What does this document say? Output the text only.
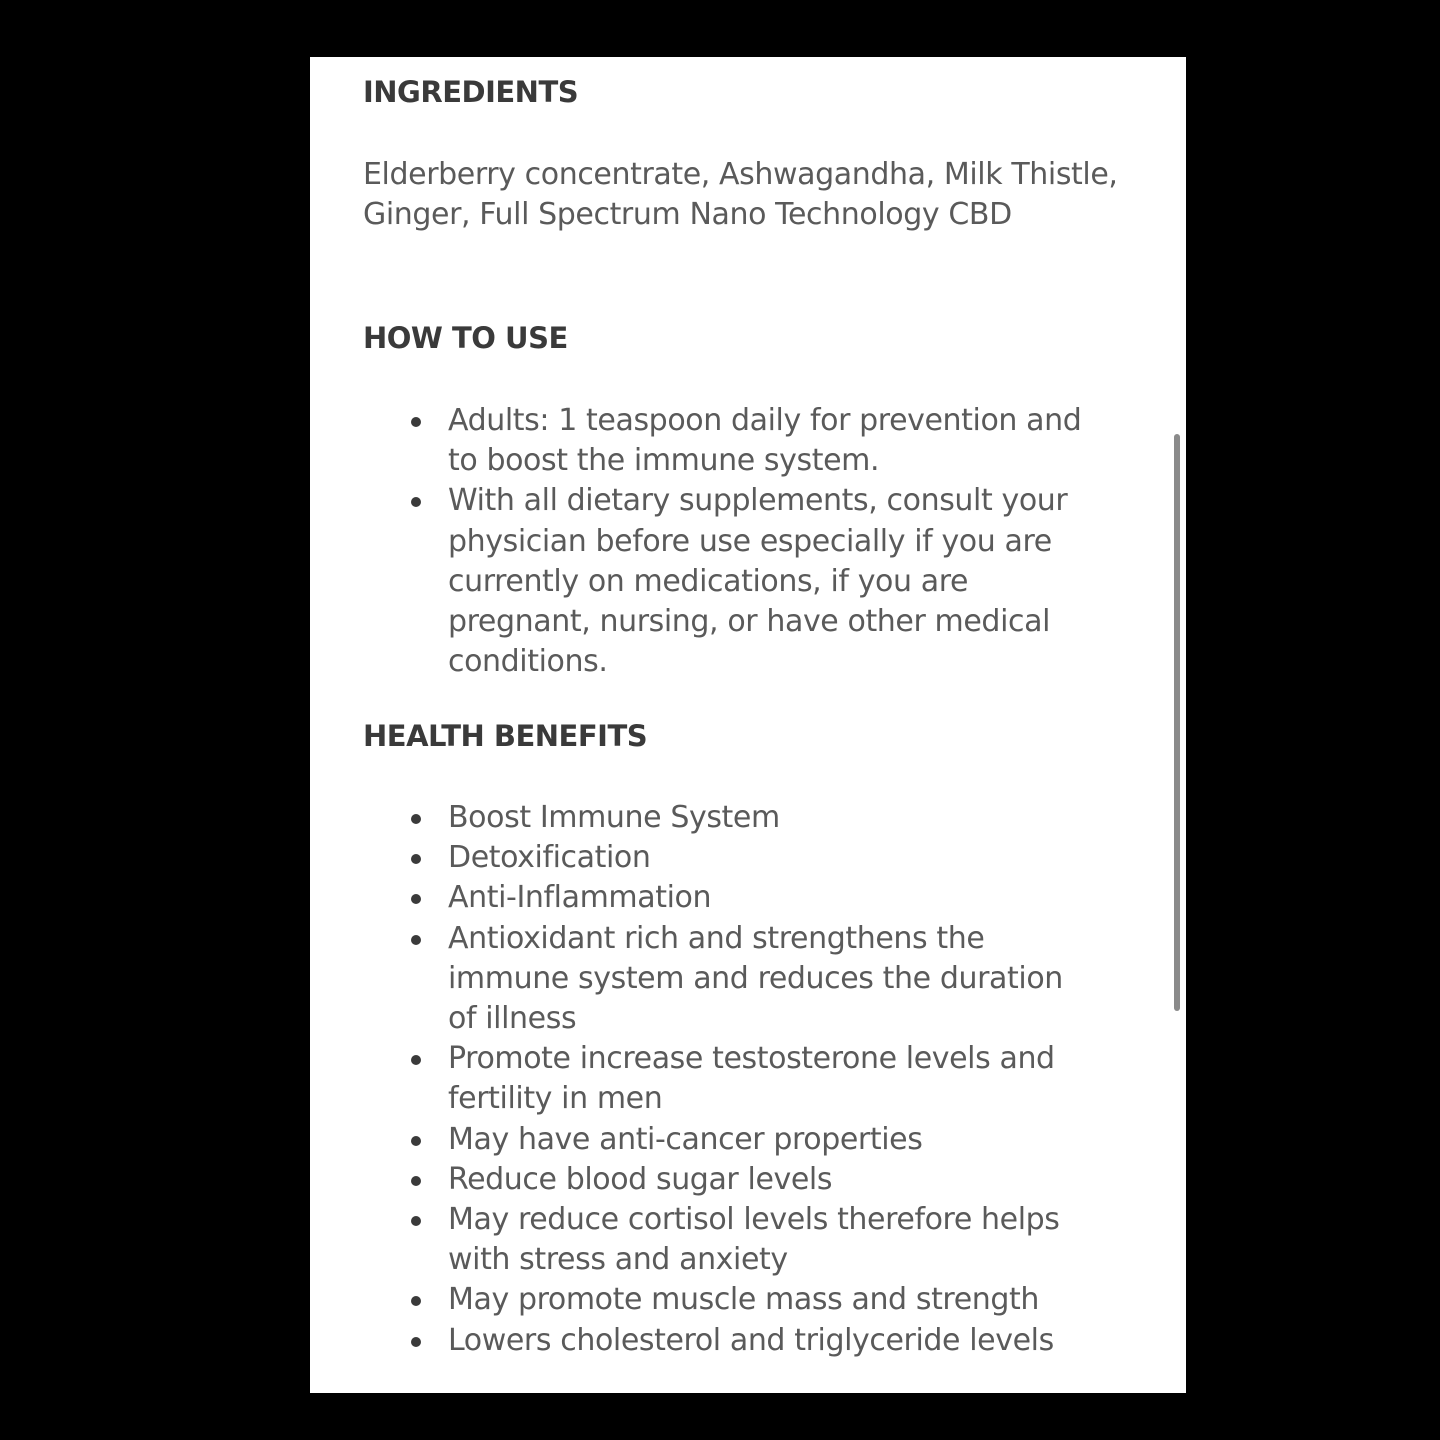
INGREDIENTS

Elderberry concentrate, Ashwagandha, Milk Thistle, Ginger, Full Spectrum Nano Technology CBD

HOW TO USE
Adults: 1 teaspoon daily for prevention and to boost the immune system.
With all dietary supplements, consult your physician before use especially if you are currently on medications, if you are pregnant, nursing, or have other medical conditions.
HEALTH BENEFITS
Boost Immune System
Detoxification
Anti-Inflammation
Antioxidant rich and strengthens the immune system and reduces the duration of illness
Promote increase testosterone levels and fertility in men
May have anti-cancer properties
Reduce blood sugar levels
May reduce cortisol levels therefore helps with stress and anxiety
May promote muscle mass and strength
Lowers cholesterol and triglyceride levels
